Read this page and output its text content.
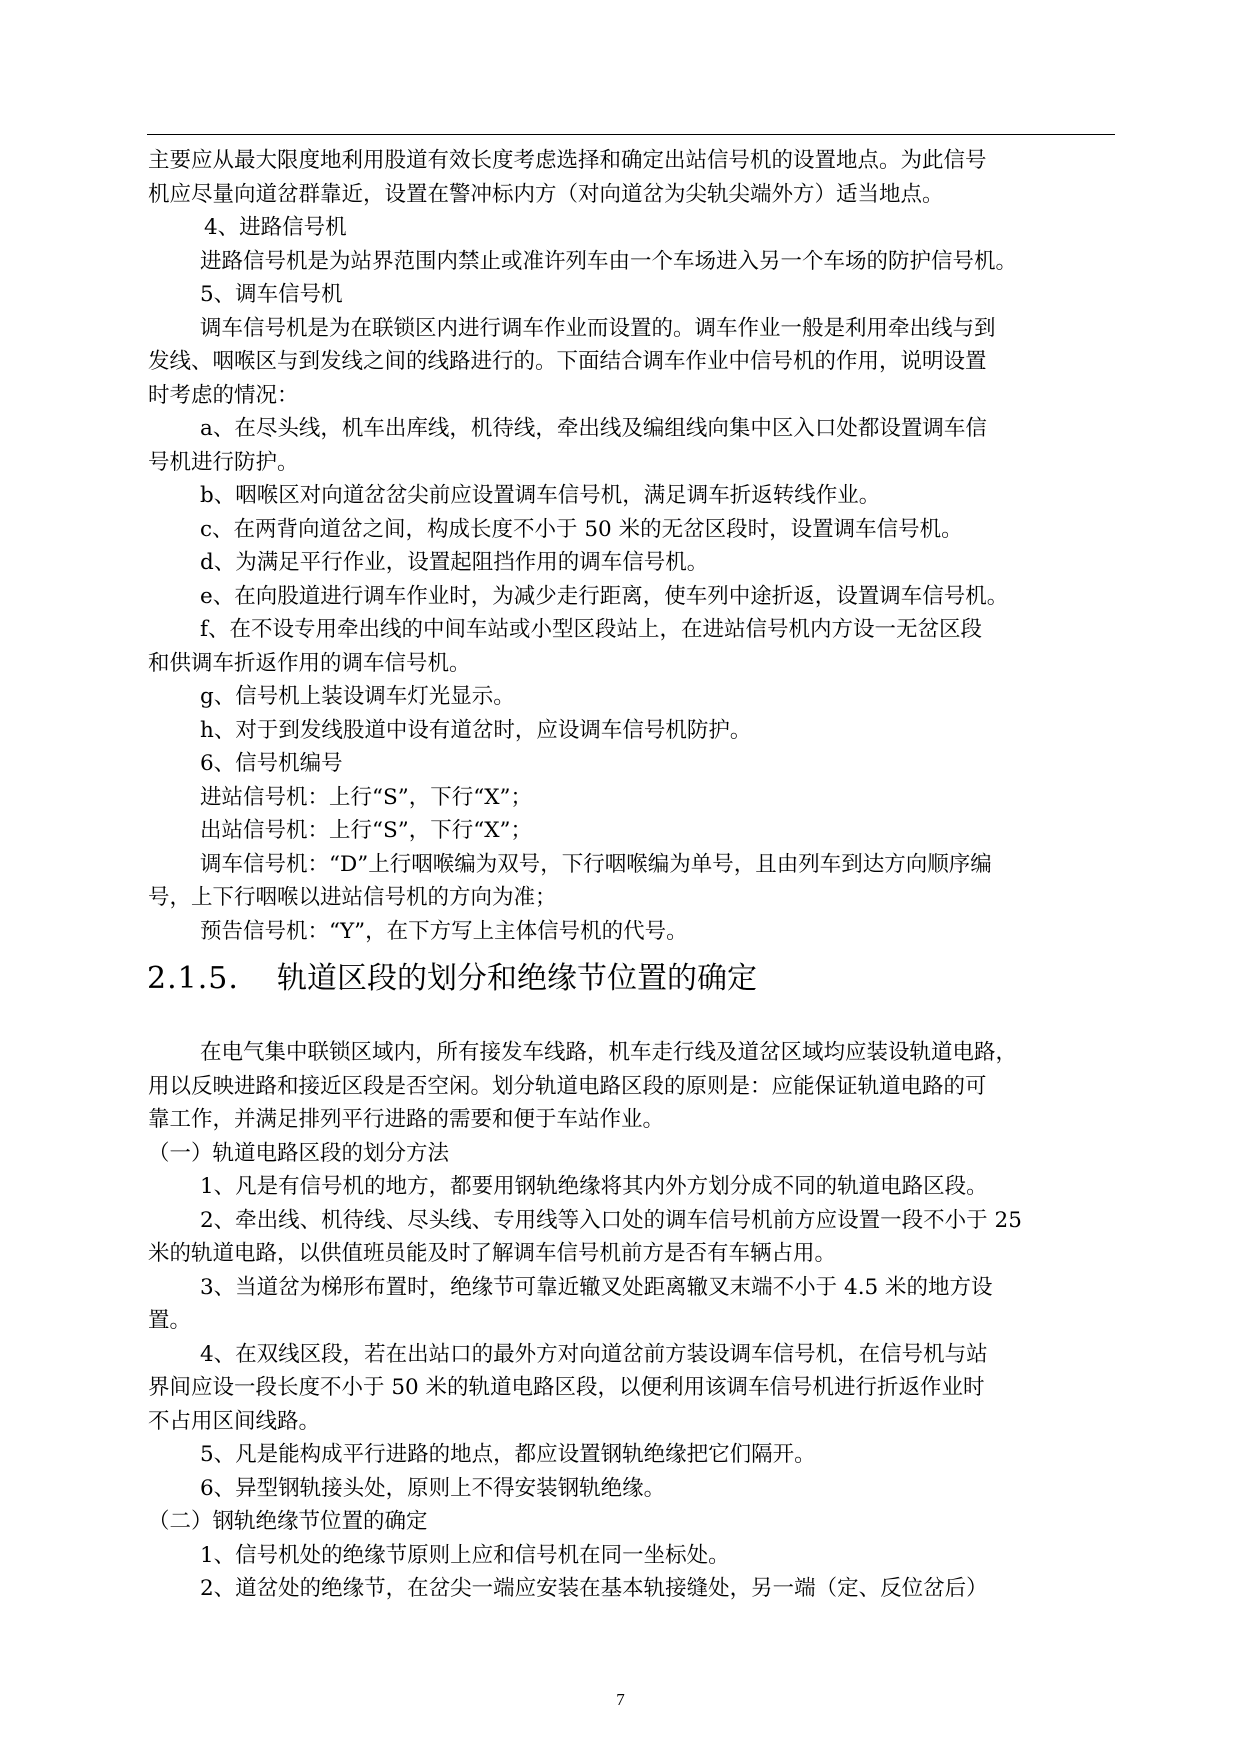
主要应从最大限度地利用股道有效长度考虑选择和确定出站信号机的设置地点。为此信号
机应尽量向道岔群靠近，设置在警冲标内方（对向道岔为尖轨尖端外方）适当地点。
4、进路信号机
进路信号机是为站界范围内禁止或准许列车由一个车场进入另一个车场的防护信号机。
5、调车信号机
调车信号机是为在联锁区内进行调车作业而设置的。调车作业一般是利用牵出线与到
发线、咽喉区与到发线之间的线路进行的。下面结合调车作业中信号机的作用，说明设置
时考虑的情况：
a、在尽头线，机车出库线，机待线，牵出线及编组线向集中区入口处都设置调车信
号机进行防护。
b、咽喉区对向道岔岔尖前应设置调车信号机，满足调车折返转线作业。
c、在两背向道岔之间，构成长度不小于 50 米的无岔区段时，设置调车信号机。
d、为满足平行作业，设置起阻挡作用的调车信号机。
e、在向股道进行调车作业时，为减少走行距离，使车列中途折返，设置调车信号机。
f、在不设专用牵出线的中间车站或小型区段站上，在进站信号机内方设一无岔区段
和供调车折返作用的调车信号机。
g、信号机上装设调车灯光显示。
h、对于到发线股道中设有道岔时，应设调车信号机防护。
6、信号机编号
进站信号机：上行“S”，下行“X”；
出站信号机：上行“S”，下行“X”；
调车信号机：“D”上行咽喉编为双号，下行咽喉编为单号，且由列车到达方向顺序编
号，上下行咽喉以进站信号机的方向为准；
预告信号机：“Y”，在下方写上主体信号机的代号。
2.1.5. 轨道区段的划分和绝缘节位置的确定
在电气集中联锁区域内，所有接发车线路，机车走行线及道岔区域均应装设轨道电路，
用以反映进路和接近区段是否空闲。划分轨道电路区段的原则是：应能保证轨道电路的可
靠工作，并满足排列平行进路的需要和便于车站作业。
（一）轨道电路区段的划分方法
1、凡是有信号机的地方，都要用钢轨绝缘将其内外方划分成不同的轨道电路区段。
2、牵出线、机待线、尽头线、专用线等入口处的调车信号机前方应设置一段不小于 25
米的轨道电路，以供值班员能及时了解调车信号机前方是否有车辆占用。
3、当道岔为梯形布置时，绝缘节可靠近辙叉处距离辙叉末端不小于 4.5 米的地方设
置。
4、在双线区段，若在出站口的最外方对向道岔前方装设调车信号机，在信号机与站
界间应设一段长度不小于 50 米的轨道电路区段，以便利用该调车信号机进行折返作业时
不占用区间线路。
5、凡是能构成平行进路的地点，都应设置钢轨绝缘把它们隔开。
6、异型钢轨接头处，原则上不得安装钢轨绝缘。
（二）钢轨绝缘节位置的确定
1、信号机处的绝缘节原则上应和信号机在同一坐标处。
2、道岔处的绝缘节，在岔尖一端应安装在基本轨接缝处，另一端（定、反位岔后）
7
